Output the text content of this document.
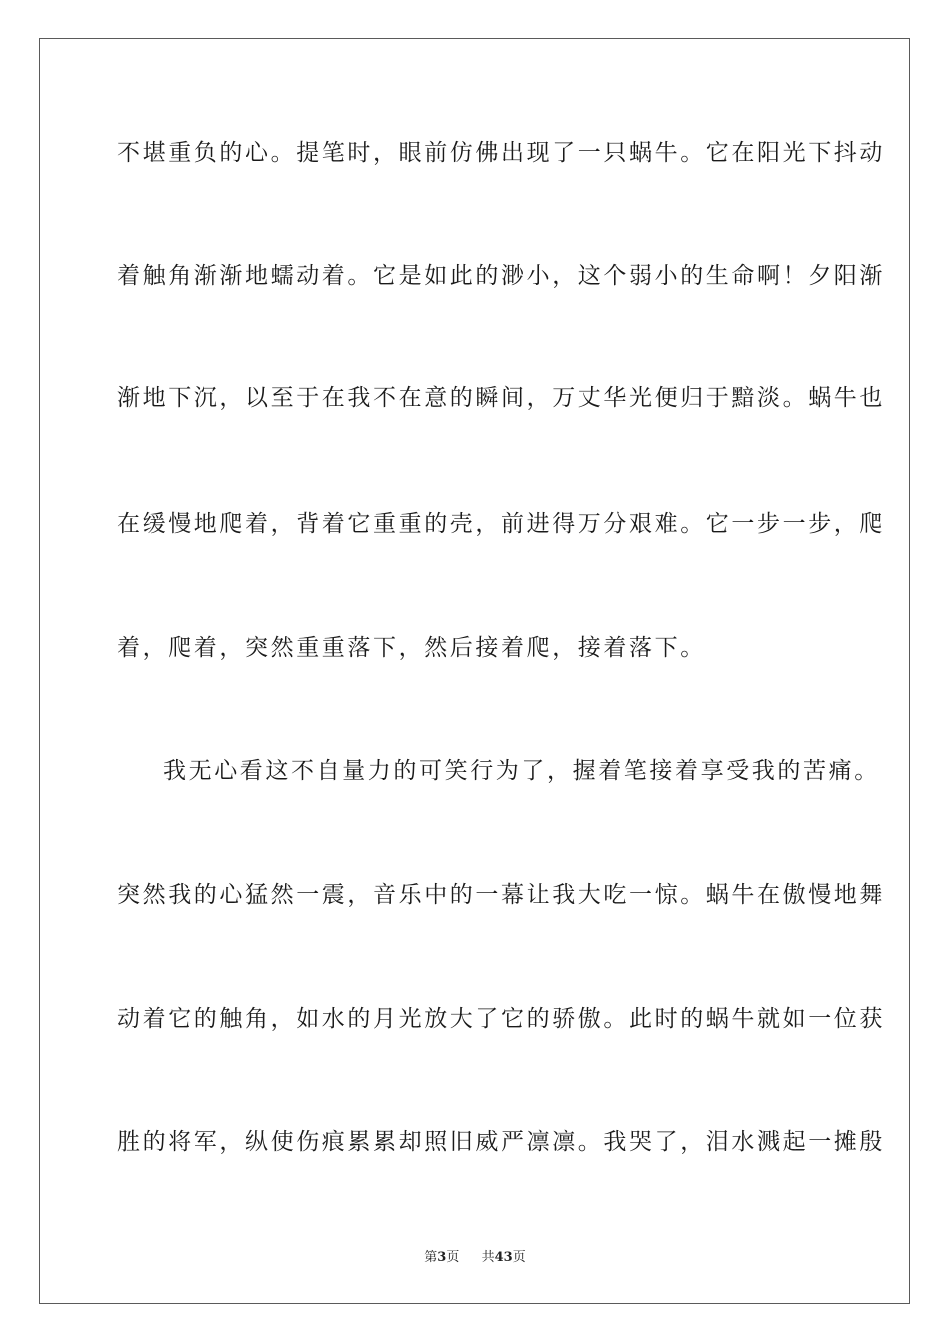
不堪重负的心。提笔时，眼前仿佛出现了一只蜗牛。它在阳光下抖动
着触角渐渐地蠕动着。它是如此的渺小，这个弱小的生命啊！夕阳渐
渐地下沉，以至于在我不在意的瞬间，万丈华光便归于黯淡。蜗牛也
在缓慢地爬着，背着它重重的壳，前进得万分艰难。它一步一步，爬
着，爬着，突然重重落下，然后接着爬，接着落下。
我无心看这不自量力的可笑行为了，握着笔接着享受我的苦痛。
突然我的心猛然一震，音乐中的一幕让我大吃一惊。蜗牛在傲慢地舞
动着它的触角，如水的月光放大了它的骄傲。此时的蜗牛就如一位获
胜的将军，纵使伤痕累累却照旧威严凛凛。我哭了，泪水溅起一摊殷
第3页 共43页
